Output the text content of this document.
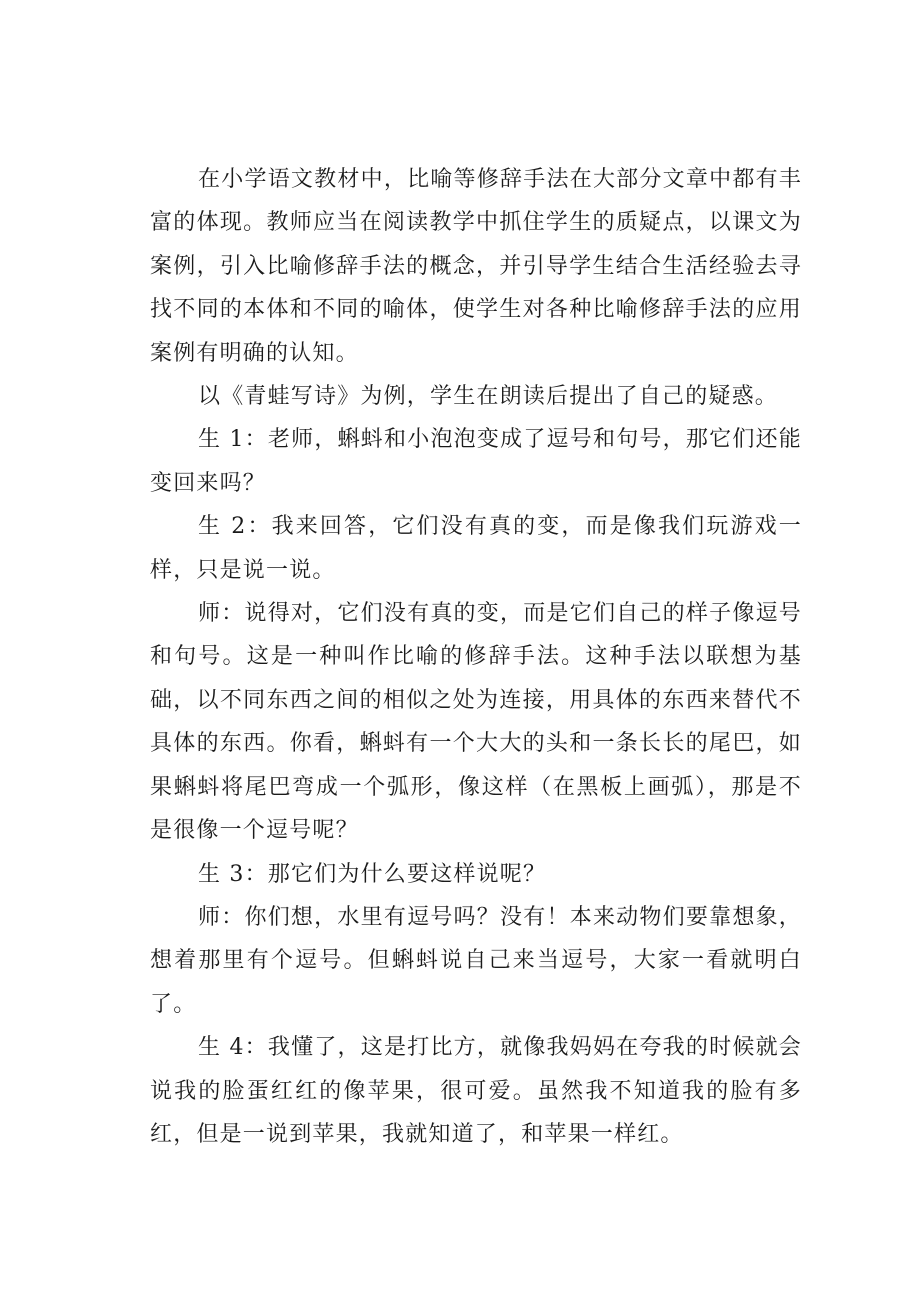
在小学语文教材中，比喻等修辞手法在大部分文章中都有丰富的体现。教师应当在阅读教学中抓住学生的质疑点，以课文为案例，引入比喻修辞手法的概念，并引导学生结合生活经验去寻找不同的本体和不同的喻体，使学生对各种比喻修辞手法的应用案例有明确的认知。

以《青蛙写诗》为例，学生在朗读后提出了自己的疑惑。

生 1：老师，蝌蚪和小泡泡变成了逗号和句号，那它们还能变回来吗？

生 2：我来回答，它们没有真的变，而是像我们玩游戏一样，只是说一说。

师：说得对，它们没有真的变，而是它们自己的样子像逗号和句号。这是一种叫作比喻的修辞手法。这种手法以联想为基础，以不同东西之间的相似之处为连接，用具体的东西来替代不具体的东西。你看，蝌蚪有一个大大的头和一条长长的尾巴，如果蝌蚪将尾巴弯成一个弧形，像这样（在黑板上画弧），那是不是很像一个逗号呢？

生 3：那它们为什么要这样说呢？

师：你们想，水里有逗号吗？没有！本来动物们要靠想象，想着那里有个逗号。但蝌蚪说自己来当逗号，大家一看就明白了。

生 4：我懂了，这是打比方，就像我妈妈在夸我的时候就会说我的脸蛋红红的像苹果，很可爱。虽然我不知道我的脸有多红，但是一说到苹果，我就知道了，和苹果一样红。
